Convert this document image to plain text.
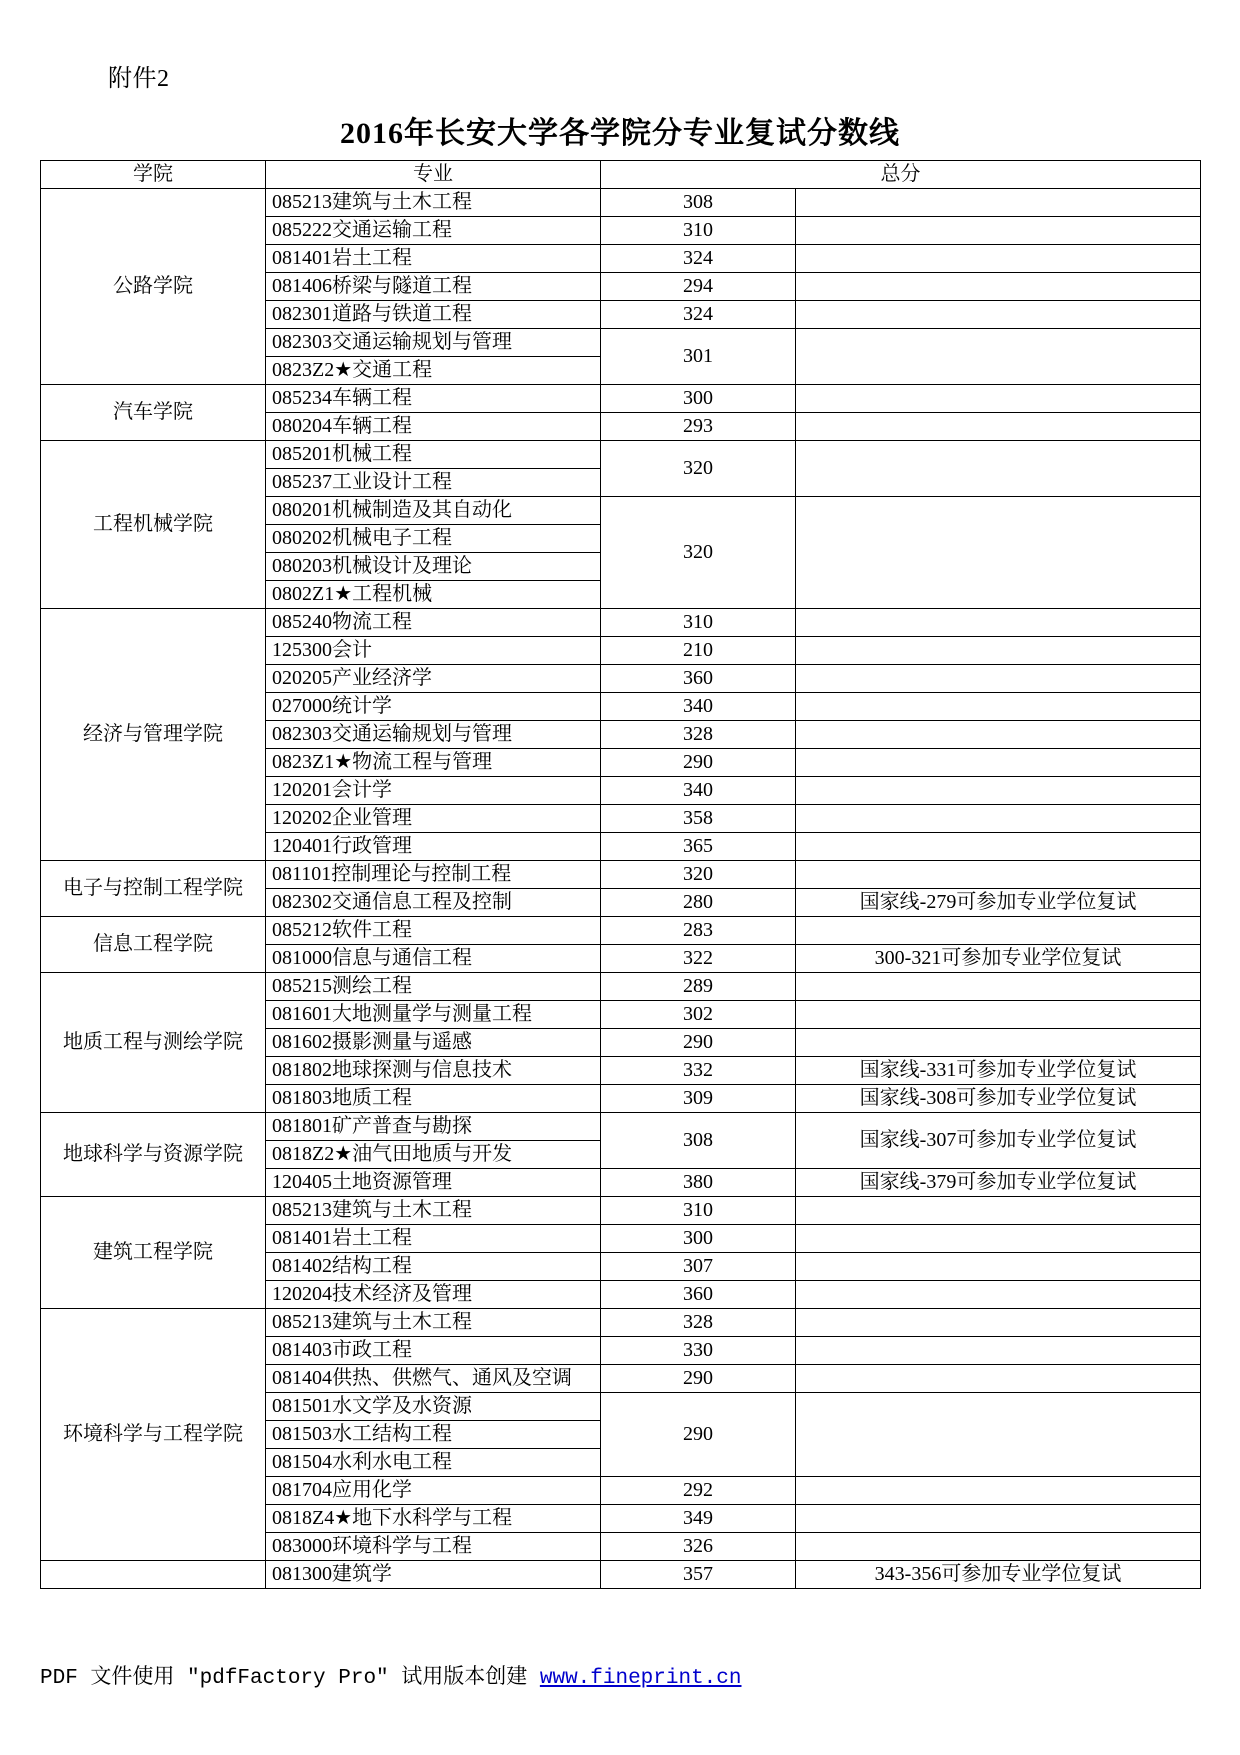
附件2
2016年长安大学各学院分专业复试分数线
学院	专业	总分	
公路学院	085213建筑与土木工程	308	
	085222交通运输工程	310	
	081401岩土工程	324	
	081406桥梁与隧道工程	294	
	082301道路与铁道工程	324	
	082303交通运输规划与管理	301	
	0823Z2★交通工程		
汽车学院	085234车辆工程	300	
	080204车辆工程	293	
工程机械学院	085201机械工程	320	
	085237工业设计工程		
	080201机械制造及其自动化	320	
	080202机械电子工程		
	080203机械设计及理论		
	0802Z1★工程机械		
经济与管理学院	085240物流工程	310	
	125300会计	210	
	020205产业经济学	360	
	027000统计学	340	
	082303交通运输规划与管理	328	
	0823Z1★物流工程与管理	290	
	120201会计学	340	
	120202企业管理	358	
	120401行政管理	365	
电子与控制工程学院	081101控制理论与控制工程	320	
	082302交通信息工程及控制	280	国家线-279可参加专业学位复试
信息工程学院	085212软件工程	283	
	081000信息与通信工程	322	300-321可参加专业学位复试
地质工程与测绘学院	085215测绘工程	289	
	081601大地测量学与测量工程	302	
	081602摄影测量与遥感	290	
	081802地球探测与信息技术	332	国家线-331可参加专业学位复试
	081803地质工程	309	国家线-308可参加专业学位复试
地球科学与资源学院	081801矿产普查与勘探	308	国家线-307可参加专业学位复试
	0818Z2★油气田地质与开发		
	120405土地资源管理	380	国家线-379可参加专业学位复试
建筑工程学院	085213建筑与土木工程	310	
	081401岩土工程	300	
	081402结构工程	307	
	120204技术经济及管理	360	
环境科学与工程学院	085213建筑与土木工程	328	
	081403市政工程	330	
	081404供热、供燃气、通风及空调	290	
	081501水文学及水资源	290	
	081503水工结构工程		
	081504水利水电工程		
	081704应用化学	292	
	0818Z4★地下水科学与工程	349	
	083000环境科学与工程	326	
	081300建筑学	357	343-356可参加专业学位复试
PDF 文件使用 "pdfFactory Pro" 试用版本创建 www.fineprint.cn
